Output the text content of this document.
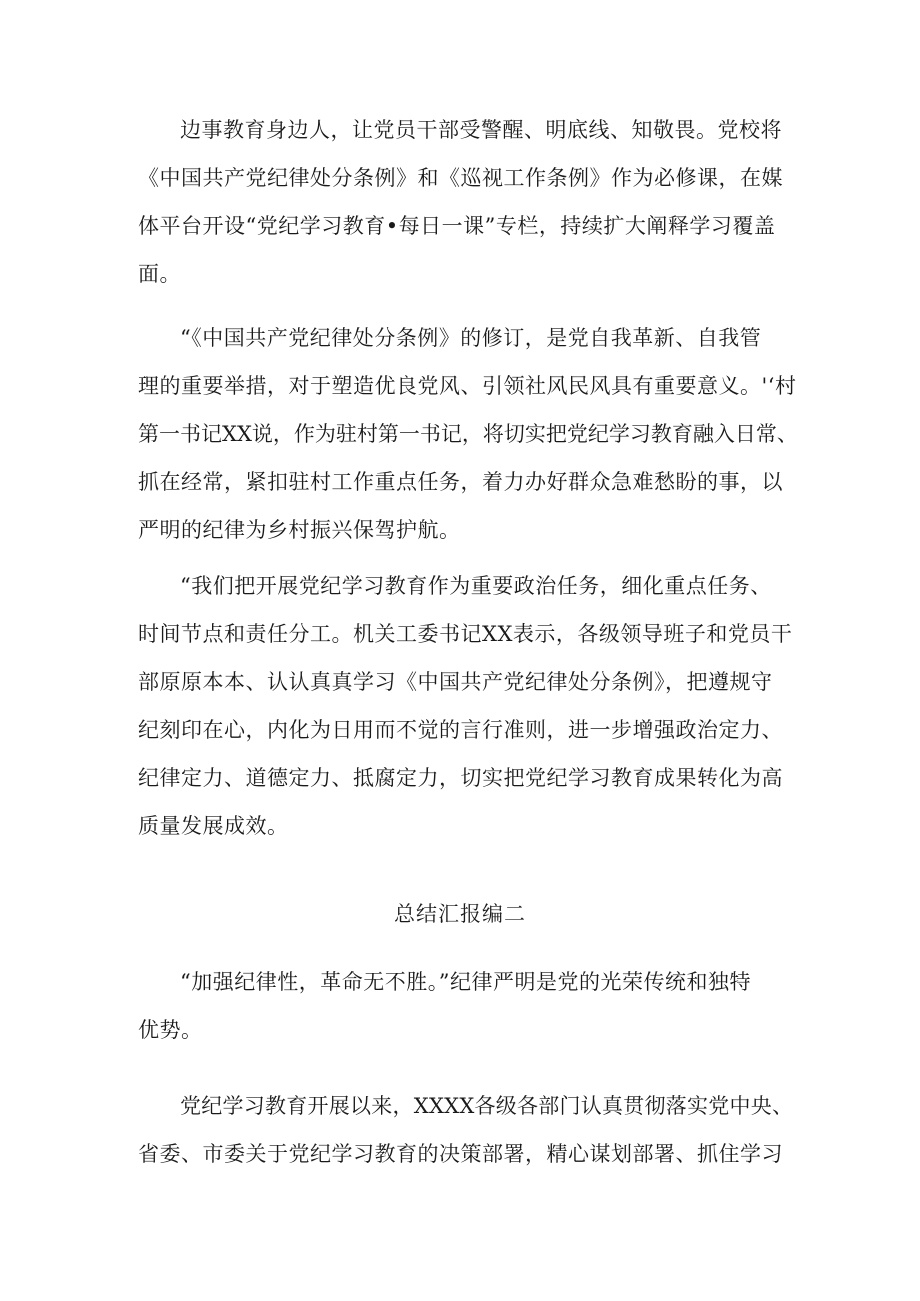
边事教育身边人，让党员干部受警醒、明底线、知敬畏。党校将
《中国共产党纪律处分条例》和《巡视工作条例》作为必修课，在媒
体平台开设“党纪学习教育•每日一课”专栏，持续扩大阐释学习覆盖
面。
“《中国共产党纪律处分条例》的修订，是党自我革新、自我管
理的重要举措，对于塑造优良党风、引领社风民风具有重要意义。'‘村
第一书记XX说，作为驻村第一书记，将切实把党纪学习教育融入日常、
抓在经常，紧扣驻村工作重点任务，着力办好群众急难愁盼的事，以
严明的纪律为乡村振兴保驾护航。
“我们把开展党纪学习教育作为重要政治任务，细化重点任务、
时间节点和责任分工。机关工委书记XX表示，各级领导班子和党员干
部原原本本、认认真真学习《中国共产党纪律处分条例》，把遵规守
纪刻印在心，内化为日用而不觉的言行准则，进一步增强政治定力、
纪律定力、道德定力、抵腐定力，切实把党纪学习教育成果转化为高
质量发展成效。
总结汇报编二
“加强纪律性，革命无不胜。”纪律严明是党的光荣传统和独特
优势。
党纪学习教育开展以来，XXXX各级各部门认真贯彻落实党中央、
省委、市委关于党纪学习教育的决策部署，精心谋划部署、抓住学习
